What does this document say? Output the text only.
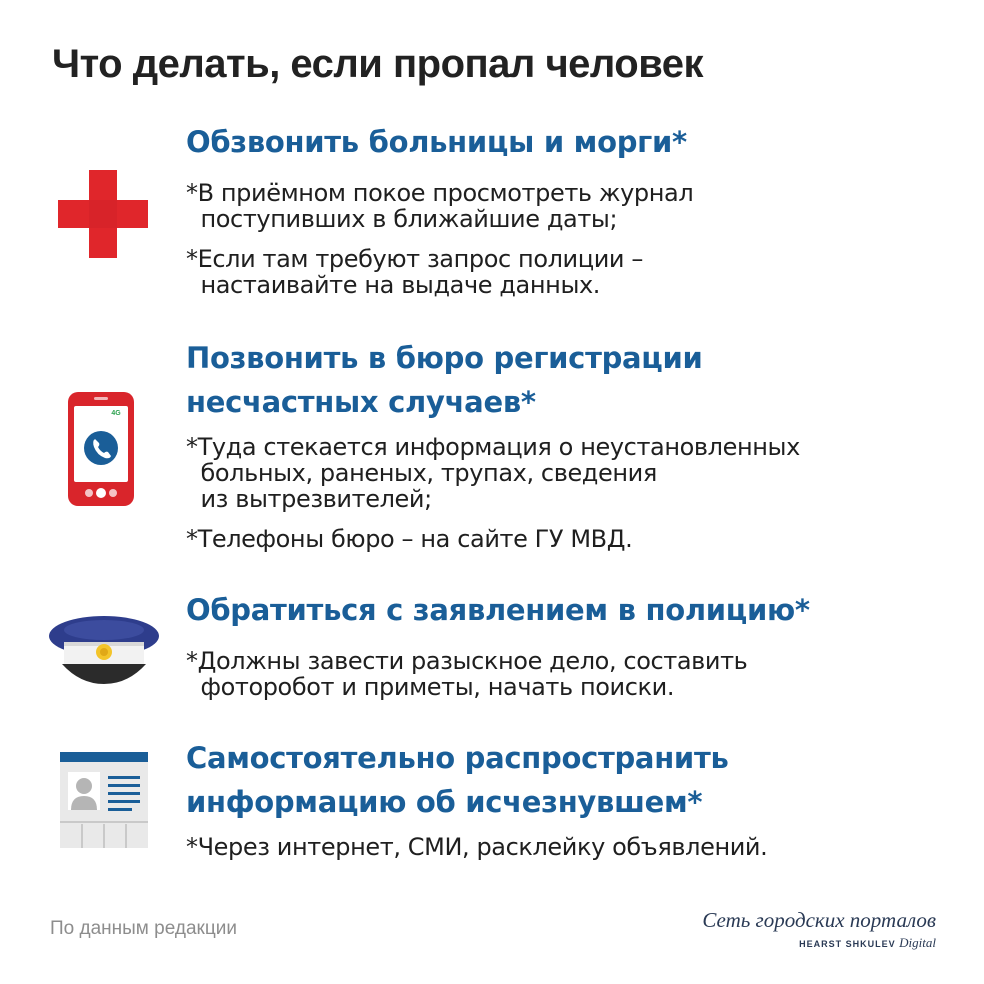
Что делать, если пропал человек
Обзвонить больницы и морги*
*В приёмном покое просмотреть журнал
поступивших в ближайшие даты;
*Если там требуют запрос полиции –
настаивайте на выдаче данных.
4G
Позвонить в бюро регистрации
несчастных случаев*
*Туда стекается информация о неустановленных
больных, раненых, трупах, сведения
из вытрезвителей;
*Телефоны бюро – на сайте ГУ МВД.
Обратиться с заявлением в полицию*
*Должны завести разыскное дело, составить
фоторобот и приметы, начать поиски.
Самостоятельно распространить
информацию об исчезнувшем*
*Через интернет, СМИ, расклейку объявлений.
По данным редакции	Сеть городских порталов
HEARST SHKULEV Digital
